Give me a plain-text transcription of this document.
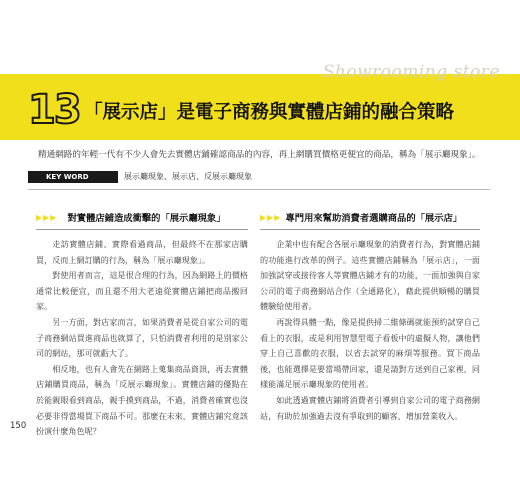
Showrooming store
13 「展示店」是電子商務與實體店鋪的融合策略
精通網路的年輕一代有不少人會先去實體店鋪確認商品的內容，再上網購買價格更便宜的商品，稱為「展示廳現象」。
KEY WORD	展示廳現象、展示店、反展示廳現象
▶▶▶ 對實體店鋪造成衝擊的「展示廳現象」

走訪實體店鋪、實際看過商品，但最終不在那家店購買，反而上網訂購的行為，稱為「展示廳現象」。

對使用者而言，這是很合理的行為，因為網路上的價格通常比較便宜，而且還不用大老遠從實體店鋪把商品搬回家。

另一方面，對店家而言，如果消費者是從自家公司的電子商務網站買進商品也就算了，只怕消費者利用的是別家公司的網站，那可就虧大了。

相反地，也有人會先在網路上蒐集商品資訊，再去實體店鋪購買商品，稱為「反展示廳現象」。實體店鋪的優點在於能親眼看到商品，親手摸到商品，不過，消費者確實也沒必要非得當場買下商品不可。那麼在未來，實體店鋪究竟該扮演什麼角色呢？

▶▶▶ 專門用來幫助消費者選購商品的「展示店」

企業中也有配合各展示廳現象的消費者行為，對實體店鋪的功能進行改革的例子。這些實體店鋪稱為「展示店」，一面加強試穿或接待客人等實體店鋪才有的功能，一面加強與自家公司的電子商務網站合作（全通路化），藉此提供順暢的購買體驗給使用者。

再說得具體一點，像是提供掃二維條碼就能預約試穿自己看上的衣服，或是利用智慧型電子看板中的虛擬人物，讓他們穿上自己喜歡的衣服，以省去試穿的麻煩等服務。買下商品後，也能選擇是要當場帶回家，還是請對方送到自己家裡，同樣能滿足展示廳現象的使用者。

如此透過實體店鋪將消費者引導到自家公司的電子商務網站，有助於加強過去沒有爭取到的顧客、增加營業收入。

150
